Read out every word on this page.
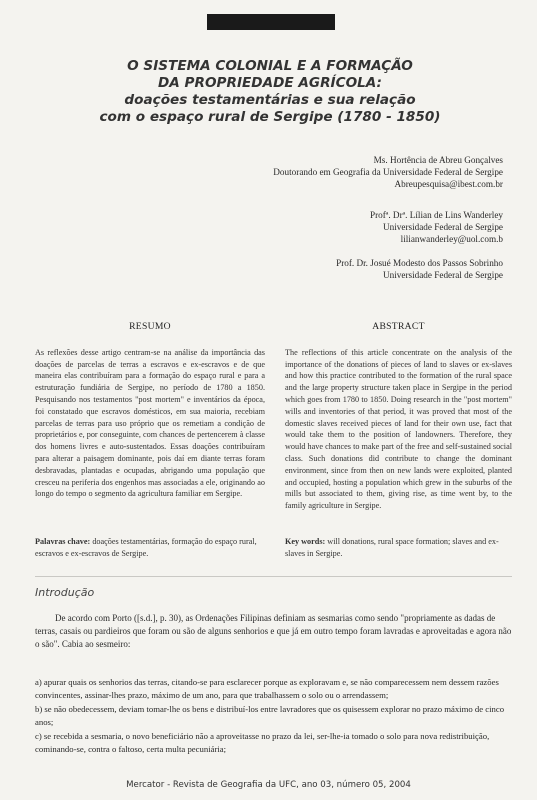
O SISTEMA COLONIAL E A FORMAÇÃO
DA PROPRIEDADE AGRÍCOLA:
doações testamentárias e sua relação
com o espaço rural de Sergipe (1780 - 1850)
Ms. Hortência de Abreu Gonçalves
Doutorando em Geografia da Universidade Federal de Sergipe
Abreupesquisa@ibest.com.br
Profª. Drª. Lílian de Lins Wanderley
Universidade Federal de Sergipe
lilianwanderley@uol.com.b
Prof. Dr. Josué Modesto dos Passos Sobrinho
Universidade Federal de Sergipe
RESUMO
As reflexões desse artigo centram-se na análise da importância das doações de parcelas de terras a escravos e ex-escravos e de que maneira elas contribuíram para a formação do espaço rural e para a estruturação fundiária de Sergipe, no período de 1780 a 1850. Pesquisando nos testamentos "post mortem" e inventários da época, foi constatado que escravos domésticos, em sua maioria, recebiam parcelas de terras para uso próprio que os remetiam a condição de proprietários e, por conseguinte, com chances de pertencerem à classe dos homens livres e auto-sustentados. Essas doações contribuíram para alterar a paisagem dominante, pois daí em diante terras foram desbravadas, plantadas e ocupadas, abrigando uma população que cresceu na periferia dos engenhos mas associadas a ele, originando ao longo do tempo o segmento da agricultura familiar em Sergipe.
ABSTRACT
The reflections of this article concentrate on the analysis of the importance of the donations of pieces of land to slaves or ex-slaves and how this practice contributed to the formation of the rural space and the large property structure taken place in Sergipe in the period which goes from 1780 to 1850. Doing research in the "post mortem" wills and inventories of that period, it was proved that most of the domestic slaves received pieces of land for their own use, fact that would take them to the position of landowners. Therefore, they would have chances to make part of the free and self-sustained social class. Such donations did contribute to change the dominant environment, since from then on new lands were exploited, planted and occupied, hosting a population which grew in the suburbs of the mills but associated to them, giving rise, as time went by, to the family agriculture in Sergipe.
Palavras chave: doações testamentárias, formação do espaço rural, escravos e ex-escravos de Sergipe.
Key words: will donations, rural space formation; slaves and ex-slaves in Sergipe.
Introdução
De acordo com Porto ([s.d.], p. 30), as Ordenações Filipinas definiam as sesmarias como sendo "propriamente as dadas de terras, casais ou pardieiros que foram ou são de alguns senhorios e que já em outro tempo foram lavradas e aproveitadas e agora não o são". Cabia ao sesmeiro:
a) apurar quais os senhorios das terras, citando-se para esclarecer porque as exploravam e, se não comparecessem nem dessem razões convincentes, assinar-lhes prazo, máximo de um ano, para que trabalhassem o solo ou o arrendassem;
b) se não obedecessem, deviam tomar-lhe os bens e distribuí-los entre lavradores que os quisessem explorar no prazo máximo de cinco anos;
c) se recebida a sesmaria, o novo beneficiário não a aproveitasse no prazo da lei, ser-lhe-ia tomado o solo para nova redistribuição, cominando-se, contra o faltoso, certa multa pecuniária;
Mercator - Revista de Geografia da UFC, ano 03, número 05, 2004
